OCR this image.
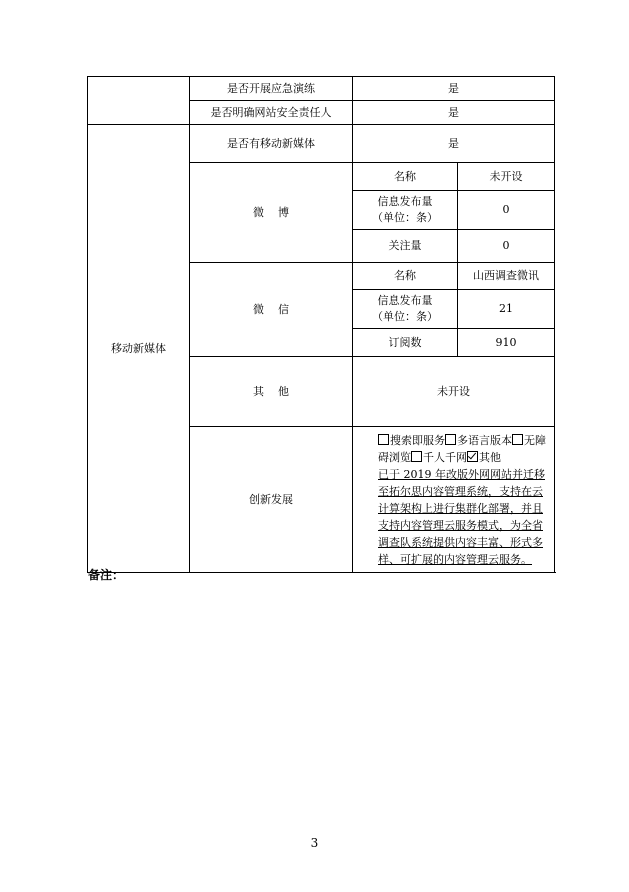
	是否开展应急演练	是	
	是否明确网站安全责任人	是	
移动新媒体	是否有移动新媒体	是	
	微博	名称	未开设

		信息发布量
（单位：条）	0
		关注量	0
	微信	名称	山西调查微讯

		信息发布量
（单位：条）	21
		订阅数	910
	其他	未开设	
	创新发展	搜索即服务 多语言版本 无障碍浏览 千人千网 其他
已于 2019 年改版外网网站并迁移至拓尔思内容管理系统，支持在云计算架构上进行集群化部署，并且支持内容管理云服务模式，为全省调查队系统提供内容丰富、形式多样、可扩展的内容管理云服务。	
备注：
3
